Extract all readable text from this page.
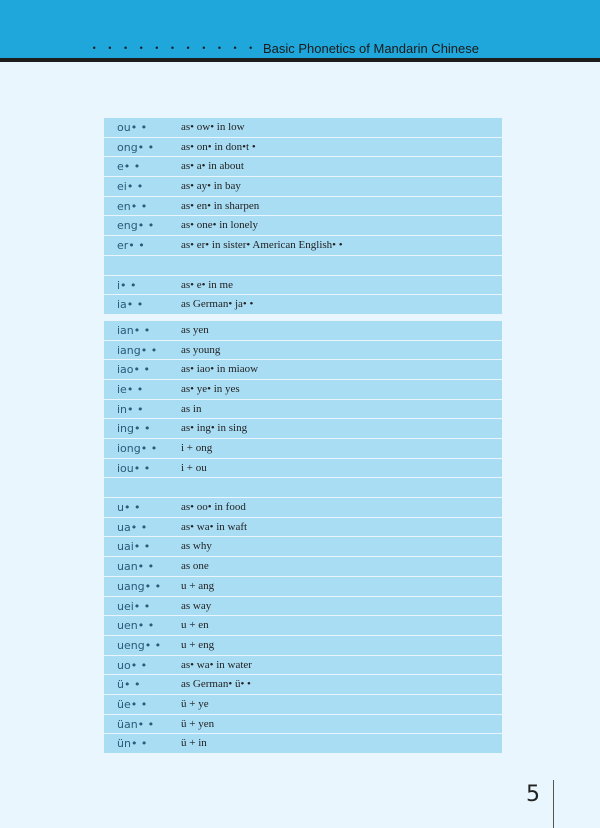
• • • • • • • • • • • Basic Phonetics of Mandarin Chinese
ou• •	as• ow• in low
ong• • as• on• in don•t •
e• •	as• a• in about
ei• •	as• ay• in bay
en• •	as• en• in sharpen
eng• • as• one• in lonely
er• •	as• er• in sister• American English• •
i• •	as• e• in me
ia• •	as German• ja• •
ian• •	as yen
iang• • as young
iao• •	as• iao• in miaow
ie• •	as• ye• in yes
in• •	as in
ing• •	as• ing• in sing
iong• • i + ong
iou• •	i + ou
u• •	as• oo• in food
ua• •	as• wa• in waft
uai• •	as why
uan• • as one
uang• • u + ang
uei• •	as way
uen• • u + en
ueng• • u + eng
uo• •	as• wa• in water
ü• •	as German• ü• •
üe• •	ü + ye
üan• • ü + yen
ün• •	ü + in
5
